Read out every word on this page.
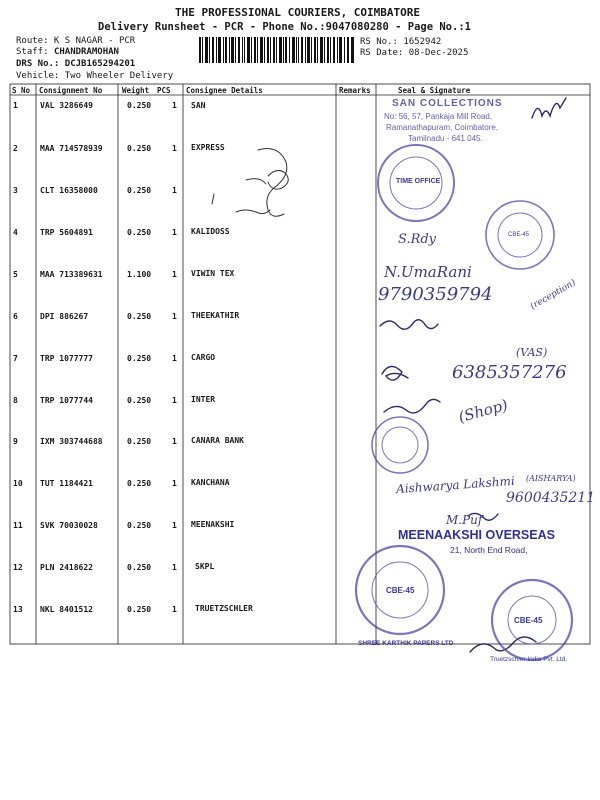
THE PROFESSIONAL COURIERS, COIMBATORE
Delivery Runsheet - PCR - Phone No.:9047080280 - Page No.:1
Route: K S NAGAR - PCR
Staff: CHANDRAMOHAN
DRS No.: DCJB165294201
Vehicle: Two Wheeler Delivery
RS No.: 1652942
RS Date: 08-Dec-2025
S No Consignment No	Weight PCS Consignee Details	Remarks	Seal & Signature
1	VAL 3286649	0.250	1 SAN
2	MAA 714578939	0.250	1 EXPRESS
3	CLT 16358000	0.250	1
4	TRP 5604891	0.250	1 KALIDOSS
5	MAA 713389631	1.100	1 VIWIN TEX
6	DPI 886267	0.250	1 THEEKATHIR
7	TRP 1077777	0.250	1 CARGO
8	TRP 1077744	0.250	1 INTER
9	IXM 303744688	0.250	1 CANARA BANK
10 TUT 1184421	0.250	1 KANCHANA
11 SVK 70030028	0.250	1 MEENAKSHI
12 PLN 2418622	0.250	1 SKPL
13 NKL 8401512	0.250	1 TRUETZSCHLER
SAN COLLECTIONS
No: 56, 57, Pankaja Mill Road,
Ramanathapuram, Coimbatore,
Tamilnadu - 641 045.
TIME OFFICE
CBE-45
CBE-45
SHREE KARTHIK PAPERS LTD
CBE-45
Truetzschler India Pvt. Ltd.
MEENAAKSHI OVERSEAS
21, North End Road,
S.Rdy
N.UmaRani
9790359794	(reception)
(VAS)
6385357276
(Shop)
Aishwarya Lakshmi (AISHARYA)
9600435211
M.Puf
